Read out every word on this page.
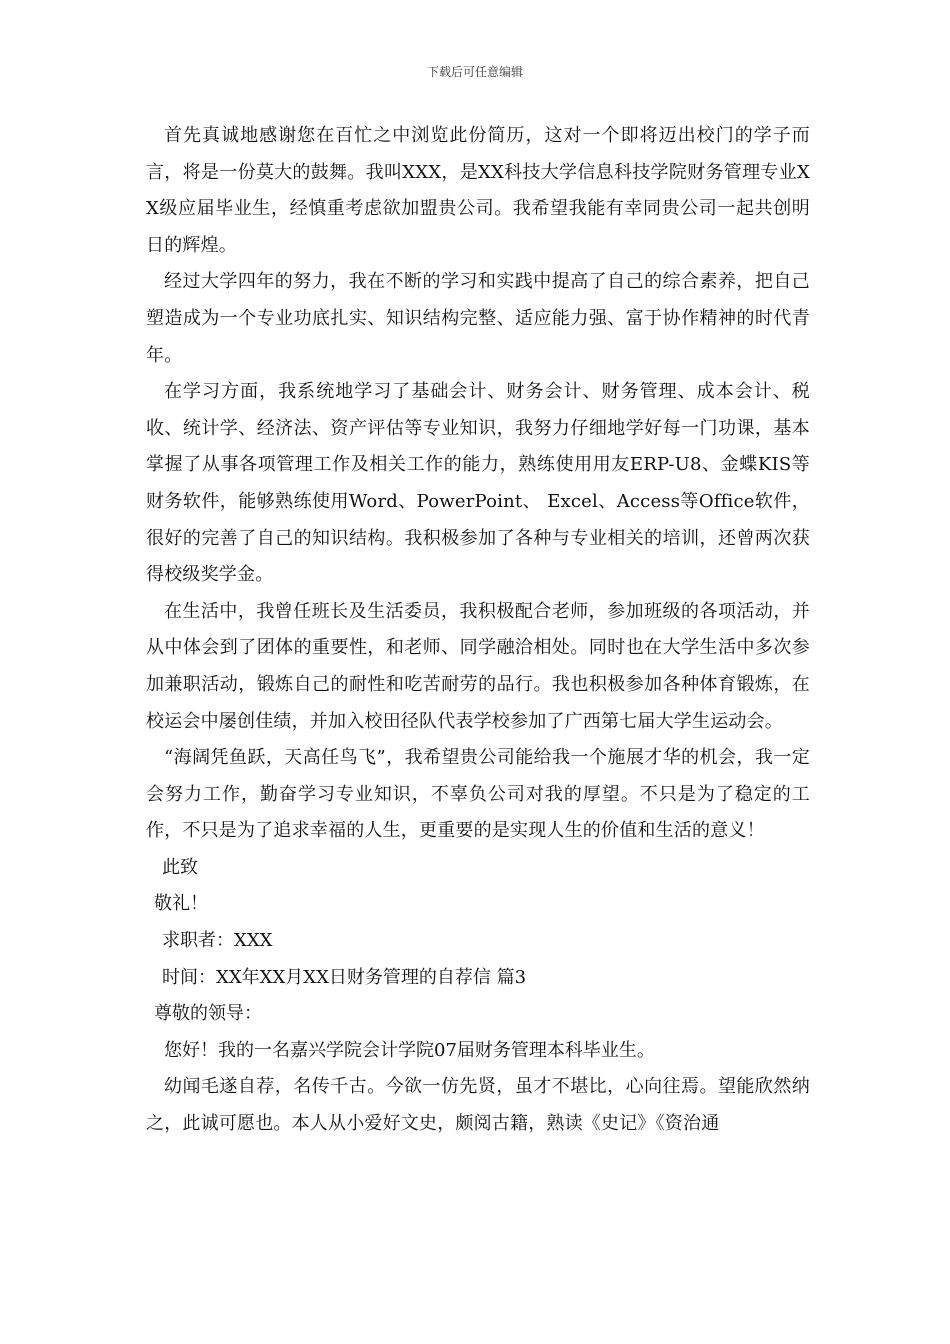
下载后可任意编辑

首先真诚地感谢您在百忙之中浏览此份简历，这对一个即将迈出校门的学子而言，将是一份莫大的鼓舞。我叫XXX，是XX科技大学信息科技学院财务管理专业XX级应届毕业生，经慎重考虑欲加盟贵公司。我希望我能有幸同贵公司一起共创明日的辉煌。

经过大学四年的努力，我在不断的学习和实践中提高了自己的综合素养，把自己塑造成为一个专业功底扎实、知识结构完整、适应能力强、富于协作精神的时代青年。

在学习方面，我系统地学习了基础会计、财务会计、财务管理、成本会计、税收、统计学、经济法、资产评估等专业知识，我努力仔细地学好每一门功课，基本掌握了从事各项管理工作及相关工作的能力，熟练使用用友ERP-U8、金蝶KIS等财务软件，能够熟练使用Word、PowerPoint、 Excel、Access等Office软件，很好的完善了自己的知识结构。我积极参加了各种与专业相关的培训，还曾两次获得校级奖学金。

在生活中，我曾任班长及生活委员，我积极配合老师，参加班级的各项活动，并从中体会到了团体的重要性，和老师、同学融洽相处。同时也在大学生活中多次参加兼职活动，锻炼自己的耐性和吃苦耐劳的品行。我也积极参加各种体育锻炼，在校运会中屡创佳绩，并加入校田径队代表学校参加了广西第七届大学生运动会。

“海阔凭鱼跃，天高任鸟飞”，我希望贵公司能给我一个施展才华的机会，我一定会努力工作，勤奋学习专业知识，不辜负公司对我的厚望。不只是为了稳定的工作，不只是为了追求幸福的人生，更重要的是实现人生的价值和生活的意义！

此致

敬礼！

求职者：XXX

时间：XX年XX月XX日财务管理的自荐信 篇3

尊敬的领导：

您好！我的一名嘉兴学院会计学院07届财务管理本科毕业生。

幼闻毛遂自荐，名传千古。今欲一仿先贤，虽才不堪比，心向往焉。望能欣然纳之，此诚可愿也。本人从小爱好文史，颇阅古籍，熟读《史记》《资治通
